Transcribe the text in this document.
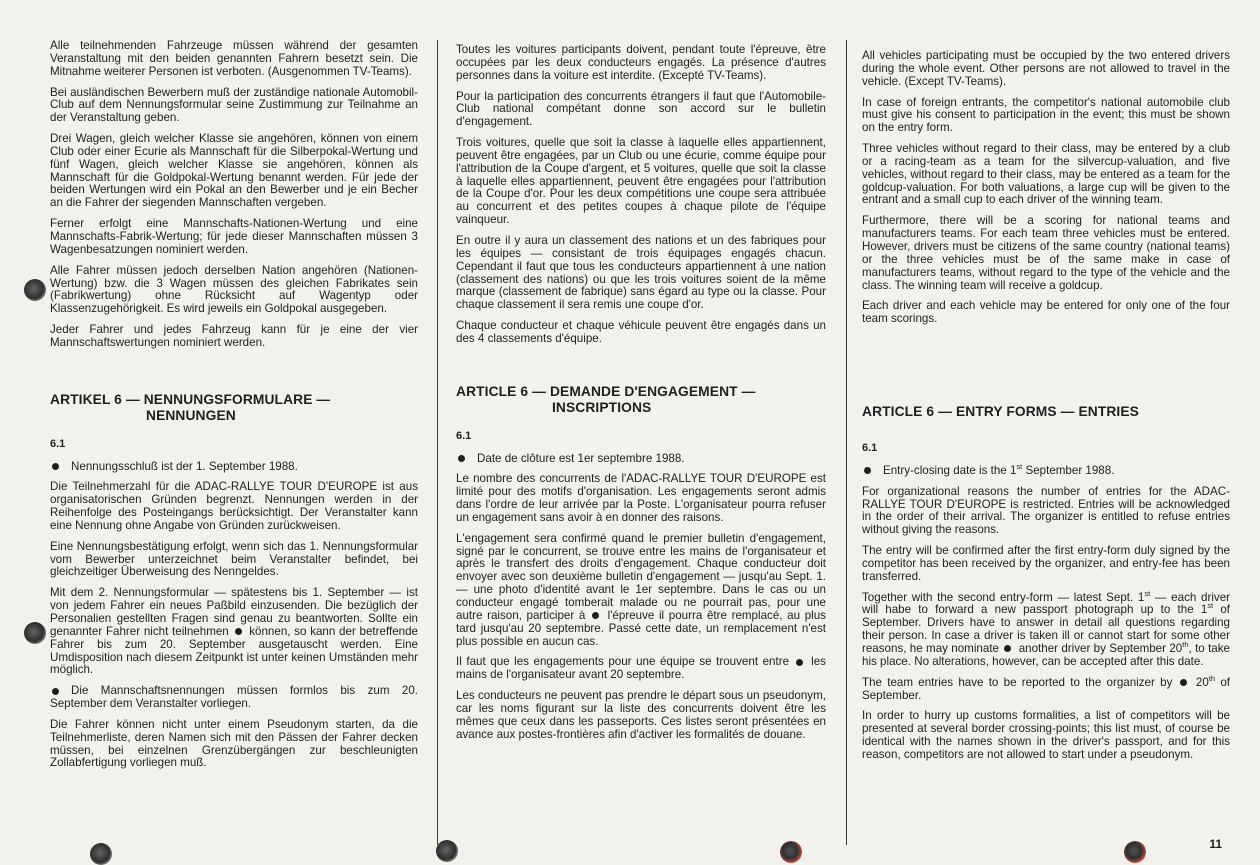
Alle teilnehmenden Fahrzeuge müssen während der gesamten Veranstaltung mit den beiden genannten Fahrern besetzt sein. Die Mitnahme weiterer Personen ist verboten. (Ausgenommen TV-Teams).

Bei ausländischen Bewerbern muß der zuständige nationale Automobil-Club auf dem Nennungsformular seine Zustimmung zur Teilnahme an der Veranstaltung geben.

Drei Wagen, gleich welcher Klasse sie angehören, können von einem Club oder einer Ecurie als Mannschaft für die Silberpokal-Wertung und fünf Wagen, gleich welcher Klasse sie angehören, können als Mannschaft für die Goldpokal-Wertung benannt werden. Für jede der beiden Wertungen wird ein Pokal an den Bewerber und je ein Becher an die Fahrer der siegenden Mannschaften vergeben.

Ferner erfolgt eine Mannschafts-Nationen-Wertung und eine Mannschafts-Fabrik-Wertung; für jede dieser Mannschaften müssen 3 Wagenbesatzungen nominiert werden.

Alle Fahrer müssen jedoch derselben Nation angehören (Nationen-Wertung) bzw. die 3 Wagen müssen des gleichen Fabrikates sein (Fabrikwertung) ohne Rücksicht auf Wagentyp oder Klassenzugehörigkeit. Es wird jeweils ein Goldpokal ausgegeben.

Jeder Fahrer und jedes Fahrzeug kann für je eine der vier Mannschaftswertungen nominiert werden.

ARTIKEL 6 — NENNUNGSFORMULARE —
NENNUNGEN
6.1

Nennungsschluß ist der 1. September 1988.

Die Teilnehmerzahl für die ADAC-RALLYE TOUR D'EUROPE ist aus organisatorischen Gründen begrenzt. Nennungen werden in der Reihenfolge des Posteingangs berücksichtigt. Der Veranstalter kann eine Nennung ohne Angabe von Gründen zurückweisen.

Eine Nennungsbestätigung erfolgt, wenn sich das 1. Nennungsformular vom Bewerber unterzeichnet beim Veranstalter befindet, bei gleichzeitiger Überweisung des Nenngeldes.

Mit dem 2. Nennungsformular — spätestens bis 1. September — ist von jedem Fahrer ein neues Paßbild einzusenden. Die bezüglich der Personalien gestellten Fragen sind genau zu beantworten. Sollte ein genannter Fahrer nicht teilnehmen können, so kann der betreffende Fahrer bis zum 20. September ausgetauscht werden. Eine Umdisposition nach diesem Zeitpunkt ist unter keinen Umständen mehr möglich.

Die Mannschaftsnennungen müssen formlos bis zum 20. September dem Veranstalter vorliegen.

Die Fahrer können nicht unter einem Pseudonym starten, da die Teilnehmerliste, deren Namen sich mit den Pässen der Fahrer decken müssen, bei einzelnen Grenzübergängen zur beschleunigten Zollabfertigung vorliegen muß.

Toutes les voitures participants doivent, pendant toute l'épreuve, être occupées par les deux conducteurs engagés. La présence d'autres personnes dans la voiture est interdite. (Excepté TV-Teams).

Pour la participation des concurrents étrangers il faut que l'Automobile-Club national compétant donne son accord sur le bulletin d'engagement.

Trois voitures, quelle que soit la classe à laquelle elles appartiennent, peuvent être engagées, par un Club ou une écurie, comme équipe pour l'attribution de la Coupe d'argent, et 5 voitures, quelle que soit la classe à laquelle elles appartiennent, peuvent être engagées pour l'attribution de la Coupe d'or. Pour les deux compétitions une coupe sera attribuée au concurrent et des petites coupes à chaque pilote de l'équipe vainqueur.

En outre il y aura un classement des nations et un des fabriques pour les équipes — consistant de trois équipages engagés chacun. Cependant il faut que tous les conducteurs appartiennent à une nation (classement des nations) ou que les trois voitures soient de la même marque (classement de fabrique) sans égard au type ou la classe. Pour chaque classement il sera remis une coupe d'or.

Chaque conducteur et chaque véhicule peuvent être engagés dans un des 4 classements d'équipe.

ARTICLE 6 — DEMANDE D'ENGAGEMENT —
INSCRIPTIONS
6.1

Date de clôture est 1er septembre 1988.

Le nombre des concurrents de l'ADAC-RALLYE TOUR D'EUROPE est limité pour des motifs d'organisation. Les engagements seront admis dans l'ordre de leur arrivée par la Poste. L'organisateur pourra refuser un engagement sans avoir à en donner des raisons.

L'engagement sera confirmé quand le premier bulletin d'engagement, signé par le concurrent, se trouve entre les mains de l'organisateur et après le transfert des droits d'engagement. Chaque conducteur doit envoyer avec son deuxième bulletin d'engagement — jusqu'au Sept. 1. — une photo d'identité avant le 1er septembre. Dans le cas ou un conducteur engagé tomberait malade ou ne pourrait pas, pour une autre raison, participer à l'épreuve il pourra être remplacé, au plus tard jusqu'au 20 septembre. Passé cette date, un remplacement n'est plus possible en aucun cas.

Il faut que les engagements pour une équipe se trouvent entre les mains de l'organisateur avant 20 septembre.

Les conducteurs ne peuvent pas prendre le départ sous un pseudonym, car les noms figurant sur la liste des concurrents doivent être les mêmes que ceux dans les passeports. Ces listes seront présentées en avance aux postes-frontières afin d'activer les formalités de douane.

All vehicles participating must be occupied by the two entered drivers during the whole event. Other persons are not allowed to travel in the vehicle. (Except TV-Teams).

In case of foreign entrants, the competitor's national automobile club must give his consent to participation in the event; this must be shown on the entry form.

Three vehicles without regard to their class, may be entered by a club or a racing-team as a team for the silvercup-valuation, and five vehicles, without regard to their class, may be entered as a team for the goldcup-valuation. For both valuations, a large cup will be given to the entrant and a small cup to each driver of the winning team.

Furthermore, there will be a scoring for national teams and manufacturers teams. For each team three vehicles must be entered. However, drivers must be citizens of the same country (national teams) or the three vehicles must be of the same make in case of manufacturers teams, without regard to the type of the vehicle and the class. The winning team will receive a goldcup.

Each driver and each vehicle may be entered for only one of the four team scorings.

ARTICLE 6 — ENTRY FORMS — ENTRIES
6.1

Entry-closing date is the 1st September 1988.

For organizational reasons the number of entries for the ADAC-RALLYE TOUR D'EUROPE is restricted. Entries will be acknowledged in the order of their arrival. The organizer is entitled to refuse entries without giving the reasons.

The entry will be confirmed after the first entry-form duly signed by the competitor has been received by the organizer, and entry-fee has been transferred.

Together with the second entry-form — latest Sept. 1st — each driver will habe to forward a new passport photograph up to the 1st of September. Drivers have to answer in detail all questions regarding their person. In case a driver is taken ill or cannot start for some other reasons, he may nominate another driver by September 20th, to take his place. No alterations, however, can be accepted after this date.

The team entries have to be reported to the organizer by 20th of September.

In order to hurry up customs formalities, a list of competitors will be presented at several border crossing-points; this list must, of course be identical with the names shown in the driver's passport, and for this reason, competitors are not allowed to start under a pseudonym.

11
